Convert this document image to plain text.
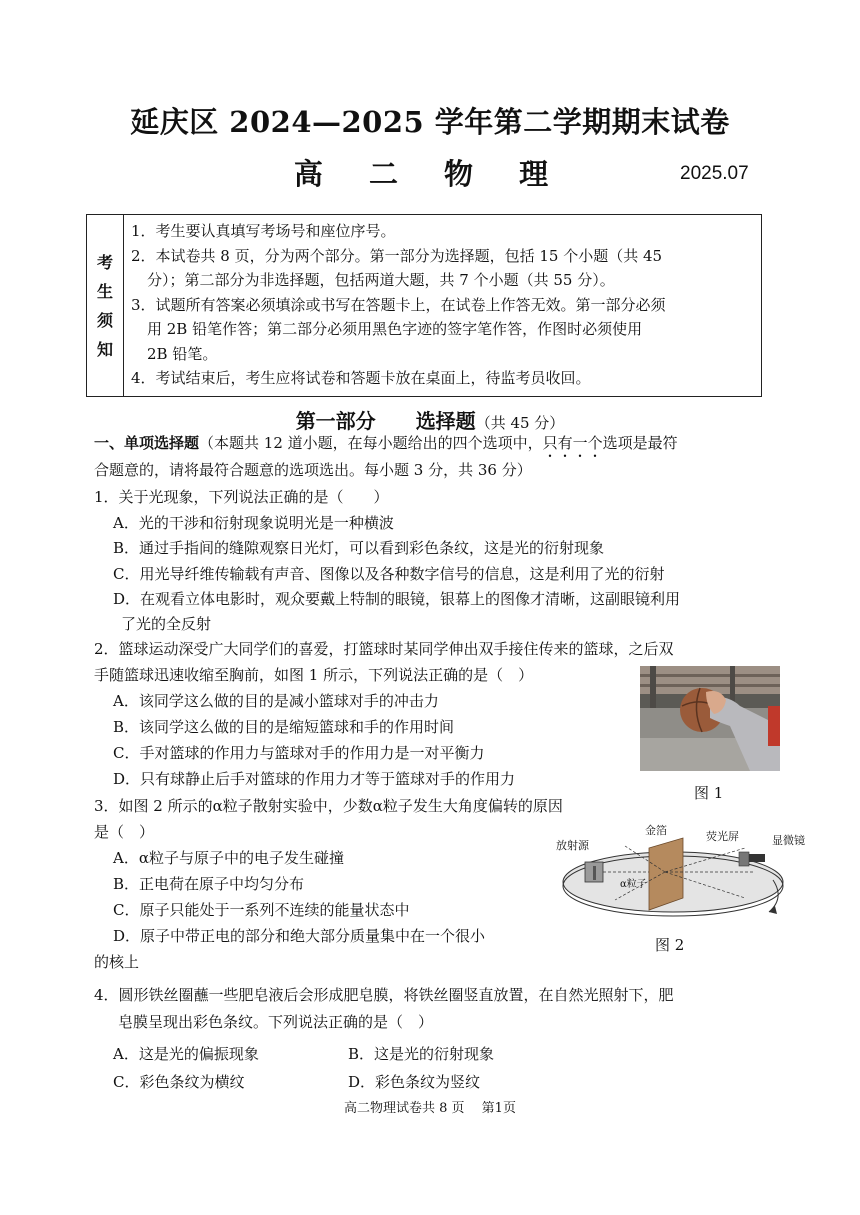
延庆区 2024—2025 学年第二学期期末试卷
高 二 物 理	2025.07
考
生
须
知
1．考生要认真填写考场号和座位序号。
2．本试卷共 8 页，分为两个部分。第一部分为选择题，包括 15 个小题（共 45
分）；第二部分为非选择题，包括两道大题，共 7 个小题（共 55 分）。
3．试题所有答案必须填涂或书写在答题卡上，在试卷上作答无效。第一部分必须
用 2B 铅笔作答；第二部分必须用黑色字迹的签字笔作答，作图时必须使用
2B 铅笔。
4．考试结束后，考生应将试卷和答题卡放在桌面上，待监考员收回。
第一部分 选择题（共 45 分）
一、单项选择题（本题共 12 道小题，在每小题给出的四个选项中，只有一个选项是最符
合题意的，请将最符合题意的选项选出。每小题 3 分，共 36 分）
1．关于光现象，下列说法正确的是（　　）
A．光的干涉和衍射现象说明光是一种横波
B．通过手指间的缝隙观察日光灯，可以看到彩色条纹，这是光的衍射现象
C．用光导纤维传输载有声音、图像以及各种数字信号的信息，这是利用了光的衍射
D．在观看立体电影时，观众要戴上特制的眼镜，银幕上的图像才清晰，这副眼镜利用
了光的全反射
2．篮球运动深受广大同学们的喜爱，打篮球时某同学伸出双手接住传来的篮球，之后双
手随篮球迅速收缩至胸前，如图 1 所示，下列说法正确的是（　）
A．该同学这么做的目的是减小篮球对手的冲击力
B．该同学这么做的目的是缩短篮球和手的作用时间
C．手对篮球的作用力与篮球对手的作用力是一对平衡力
D．只有球静止后手对篮球的作用力才等于篮球对手的作用力
图 1
3．如图 2 所示的α粒子散射实验中，少数α粒子发生大角度偏转的原因
是（　）
A．α粒子与原子中的电子发生碰撞
B．正电荷在原子中均匀分布
C．原子只能处于一系列不连续的能量状态中
D．原子中带正电的部分和绝大部分质量集中在一个很小
的核上
放射源
金箔	荧光屏	显微镜
α粒子
图 2
4．圆形铁丝圈蘸一些肥皂液后会形成肥皂膜，将铁丝圈竖直放置，在自然光照射下，肥
皂膜呈现出彩色条纹。下列说法正确的是（　）
A．这是光的偏振现象	B．这是光的衍射现象
C．彩色条纹为横纹	D．彩色条纹为竖纹
高二物理试卷共 8 页　 第1页
